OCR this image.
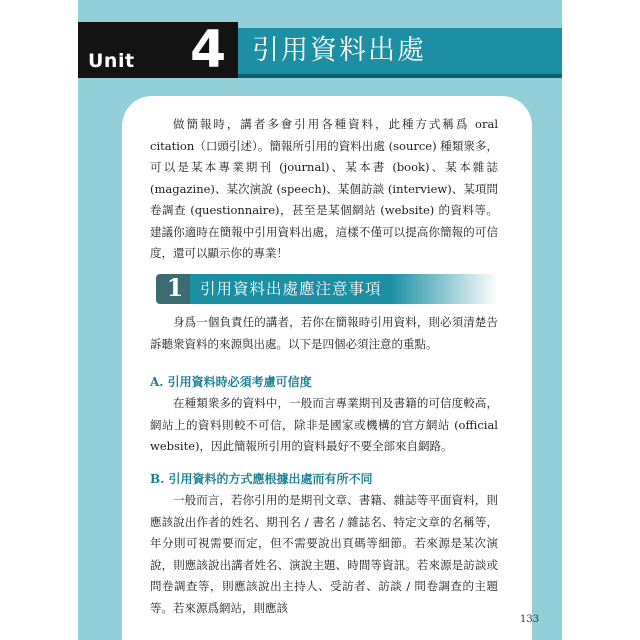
Unit 4 引用資料出處

做簡報時，講者多會引用各種資料，此種方式稱爲 oral citation（口頭引述）。簡報所引用的資料出處 (source) 種類衆多，可以是某本專業期刊 (journal)、某本書 (book)、某本雜誌 (magazine)、某次演說 (speech)、某個訪談 (interview)、某項問卷調查 (questionnaire)，甚至是某個網站 (website) 的資料等。建議你適時在簡報中引用資料出處，這樣不僅可以提高你簡報的可信度，還可以顯示你的專業！

1 引用資料出處應注意事項

身爲一個負責任的講者，若你在簡報時引用資料，則必須清楚告訴聽衆資料的來源與出處。以下是四個必須注意的重點。

A. 引用資料時必須考慮可信度

在種類衆多的資料中，一般而言專業期刊及書籍的可信度較高，網站上的資料則較不可信，除非是國家或機構的官方網站 (official website)，因此簡報所引用的資料最好不要全部來自網路。

B. 引用資料的方式應根據出處而有所不同

一般而言，若你引用的是期刊文章、書籍、雜誌等平面資料，則應該說出作者的姓名、期刊名 / 書名 / 雜誌名、特定文章的名稱等，年分則可視需要而定，但不需要說出頁碼等細節。若來源是某次演說，則應該說出講者姓名、演說主題、時間等資訊。若來源是訪談或問卷調查等，則應該說出主持人、受訪者、訪談 / 問卷調查的主題等。若來源爲網站，則應該

133
